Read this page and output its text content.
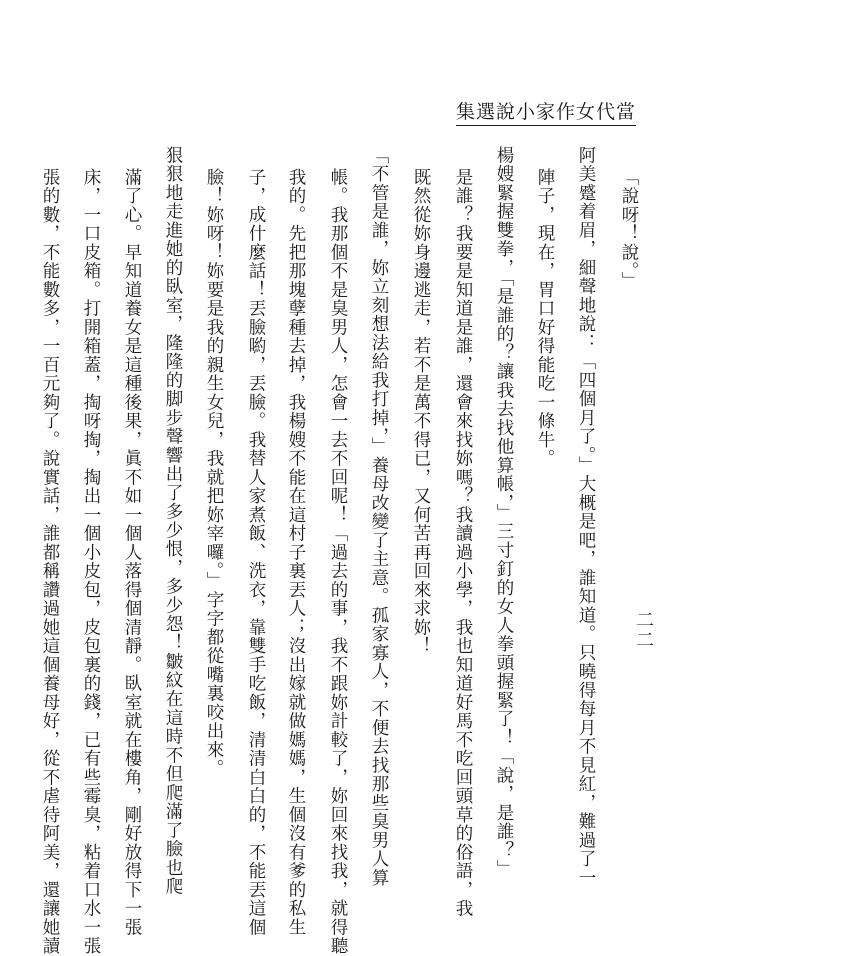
當代女作家小說選集
二二
「說呀！說。」
阿美蹙着眉，細聲地說：「四個月了。」大概是吧，誰知道。只曉得每月不見紅，難過了一
陣子，現在，胃口好得能吃一條牛。
楊嫂緊握雙拳，「是誰的？讓我去找他算帳，」三寸釘的女人拳頭握緊了！「說，是誰？」
是誰？我要是知道是誰，還會來找妳嗎？我讀過小學，我也知道好馬不吃回頭草的俗語，我
既然從妳身邊逃走，若不是萬不得已，又何苦再回來求妳！
「不管是誰，妳立刻想法給我打掉，」養母改變了主意。孤家寡人，不便去找那些臭男人算
帳。我那個不是臭男人，怎會一去不回呢！「過去的事，我不跟妳計較了，妳回來找我，就得聽
我的。先把那塊孽種去掉，我楊嫂不能在這村子裏丟人；沒出嫁就做媽媽，生個沒有爹的私生
子，成什麼話！丟臉喲，丟臉。我替人家煮飯、洗衣，靠雙手吃飯，清清白白的，不能丟這個
臉！妳呀！妳要是我的親生女兒，我就把妳宰囉。」字字都從嘴裏咬出來。
狠狠地走進她的臥室，隆隆的脚步聲響出了多少恨，多少怨！皺紋在這時不但爬滿了臉也爬
滿了心。早知道養女是這種後果，眞不如一個人落得個清靜。臥室就在樓角，剛好放得下一張
床，一口皮箱。打開箱蓋，掏呀掏，掏出一個小皮包，皮包裏的錢，已有些霉臭，粘着口水一張
張的數，不能數多，一百元夠了。說實話，誰都稱讚過她這個養母好，從不虐待阿美，還讓她讀
